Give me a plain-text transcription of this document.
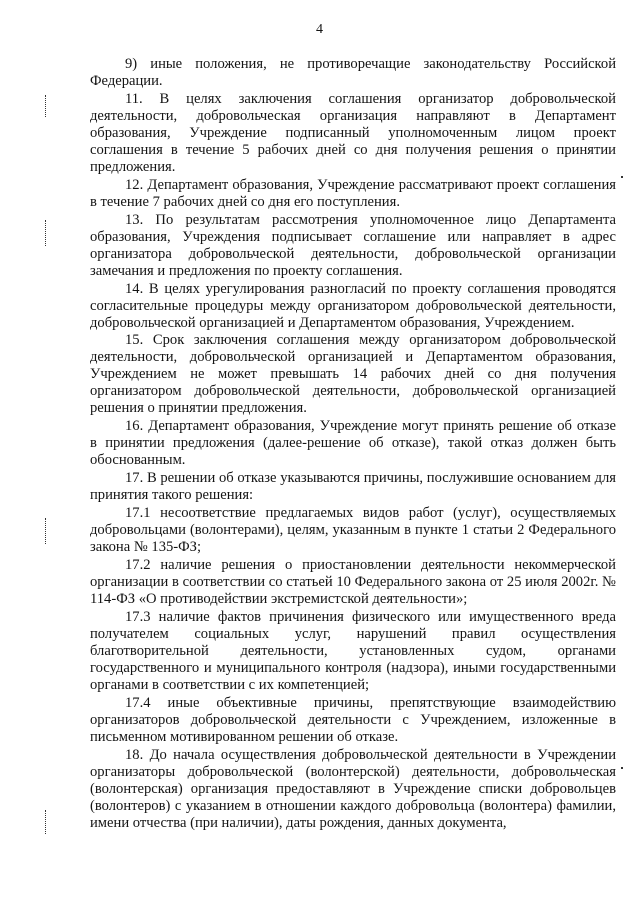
4

9) иные положения, не противоречащие законодательству Российской Федерации.

11. В целях заключения соглашения организатор добровольческой деятельности, добровольческая организация направляют в Департамент образования, Учреждение подписанный уполномоченным лицом проект соглашения в течение 5 рабочих дней со дня получения решения о принятии предложения.

12. Департамент образования, Учреждение рассматривают проект соглашения в течение 7 рабочих дней со дня его поступления.

13. По результатам рассмотрения уполномоченное лицо Департамента образования, Учреждения подписывает соглашение или направляет в адрес организатора добровольческой деятельности, добровольческой организации замечания и предложения по проекту соглашения.

14. В целях урегулирования разногласий по проекту соглашения проводятся согласительные процедуры между организатором добровольческой деятельности, добровольческой организацией и Департаментом образования, Учреждением.

15. Срок заключения соглашения между организатором добровольческой деятельности, добровольческой организацией и Департаментом образования, Учреждением не может превышать 14 рабочих дней со дня получения организатором добровольческой деятельности, добровольческой организацией решения о принятии предложения.

16. Департамент образования, Учреждение могут принять решение об отказе в принятии предложения (далее-решение об отказе), такой отказ должен быть обоснованным.

17. В решении об отказе указываются причины, послужившие основанием для принятия такого решения:

17.1 несоответствие предлагаемых видов работ (услуг), осуществляемых добровольцами (волонтерами), целям, указанным в пункте 1 статьи 2 Федерального закона № 135-ФЗ;

17.2 наличие решения о приостановлении деятельности некоммерческой организации в соответствии со статьей 10 Федерального закона от 25 июля 2002г. № 114-ФЗ «О противодействии экстремистской деятельности»;

17.3 наличие фактов причинения физического или имущественного вреда получателем социальных услуг, нарушений правил осуществления благотворительной деятельности, установленных судом, органами государственного и муниципального контроля (надзора), иными государственными органами в соответствии с их компетенцией;

17.4 иные объективные причины, препятствующие взаимодействию организаторов добровольческой деятельности с Учреждением, изложенные в письменном мотивированном решении об отказе.

18. До начала осуществления добровольческой деятельности в Учреждении организаторы добровольческой (волонтерской) деятельности, добровольческая (волонтерская) организация предоставляют в Учреждение списки добровольцев (волонтеров) с указанием в отношении каждого добровольца (волонтера) фамилии, имени отчества (при наличии), даты рождения, данных документа,
